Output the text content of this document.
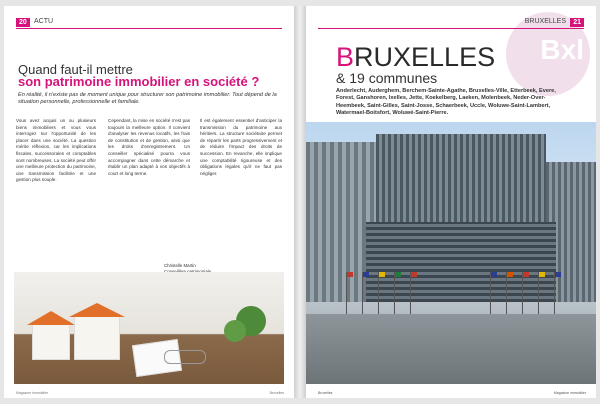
20	ACTU
Quand faut-il mettre
son patrimoine immobilier en société ?
En réalité, il n'existe pas de moment unique pour structurer son patrimoine immobilier. Tout dépend de la situation personnelle, professionnelle et familiale.
Vous avez acquis un ou plusieurs biens immobiliers et vous vous interrogez sur l'opportunité de les placer dans une société. La question mérite réflexion, car les implications fiscales, successorales et comptables sont nombreuses. La société peut offrir une meilleure protection du patrimoine, une transmission facilitée et une gestion plus souple.
Cependant, la mise en société n'est pas toujours la meilleure option. Il convient d'analyser les revenus locatifs, les frais de constitution et de gestion, ainsi que les droits d'enregistrement. Un conseiller spécialisé pourra vous accompagner dans cette démarche et établir un plan adapté à vos objectifs à court et long terme.
Il est également essentiel d'anticiper la transmission du patrimoine aux héritiers. La structure sociétaire permet de répartir les parts progressivement et de réduire l'impact des droits de succession. En revanche, elle implique une comptabilité rigoureuse et des obligations légales qu'il ne faut pas négliger.
Christelle Martin
Magazine immobilier	Bruxelles
Bxl
BRUXELLES	21
BRUXELLES
& 19 communes
Anderlecht, Auderghem, Berchem-Sainte-Agathe, Bruxelles-Ville, Etterbeek, Evere, Forest, Ganshoren, Ixelles, Jette, Koekelberg, Laeken, Molenbeek, Neder-Over-Heembeek, Saint-Gilles, Saint-Josse, Schaerbeek, Uccle, Woluwe-Saint-Lambert, Watermael-Boitsfort, Woluwé-Saint-Pierre.
Bruxelles	Magazine immobilier
